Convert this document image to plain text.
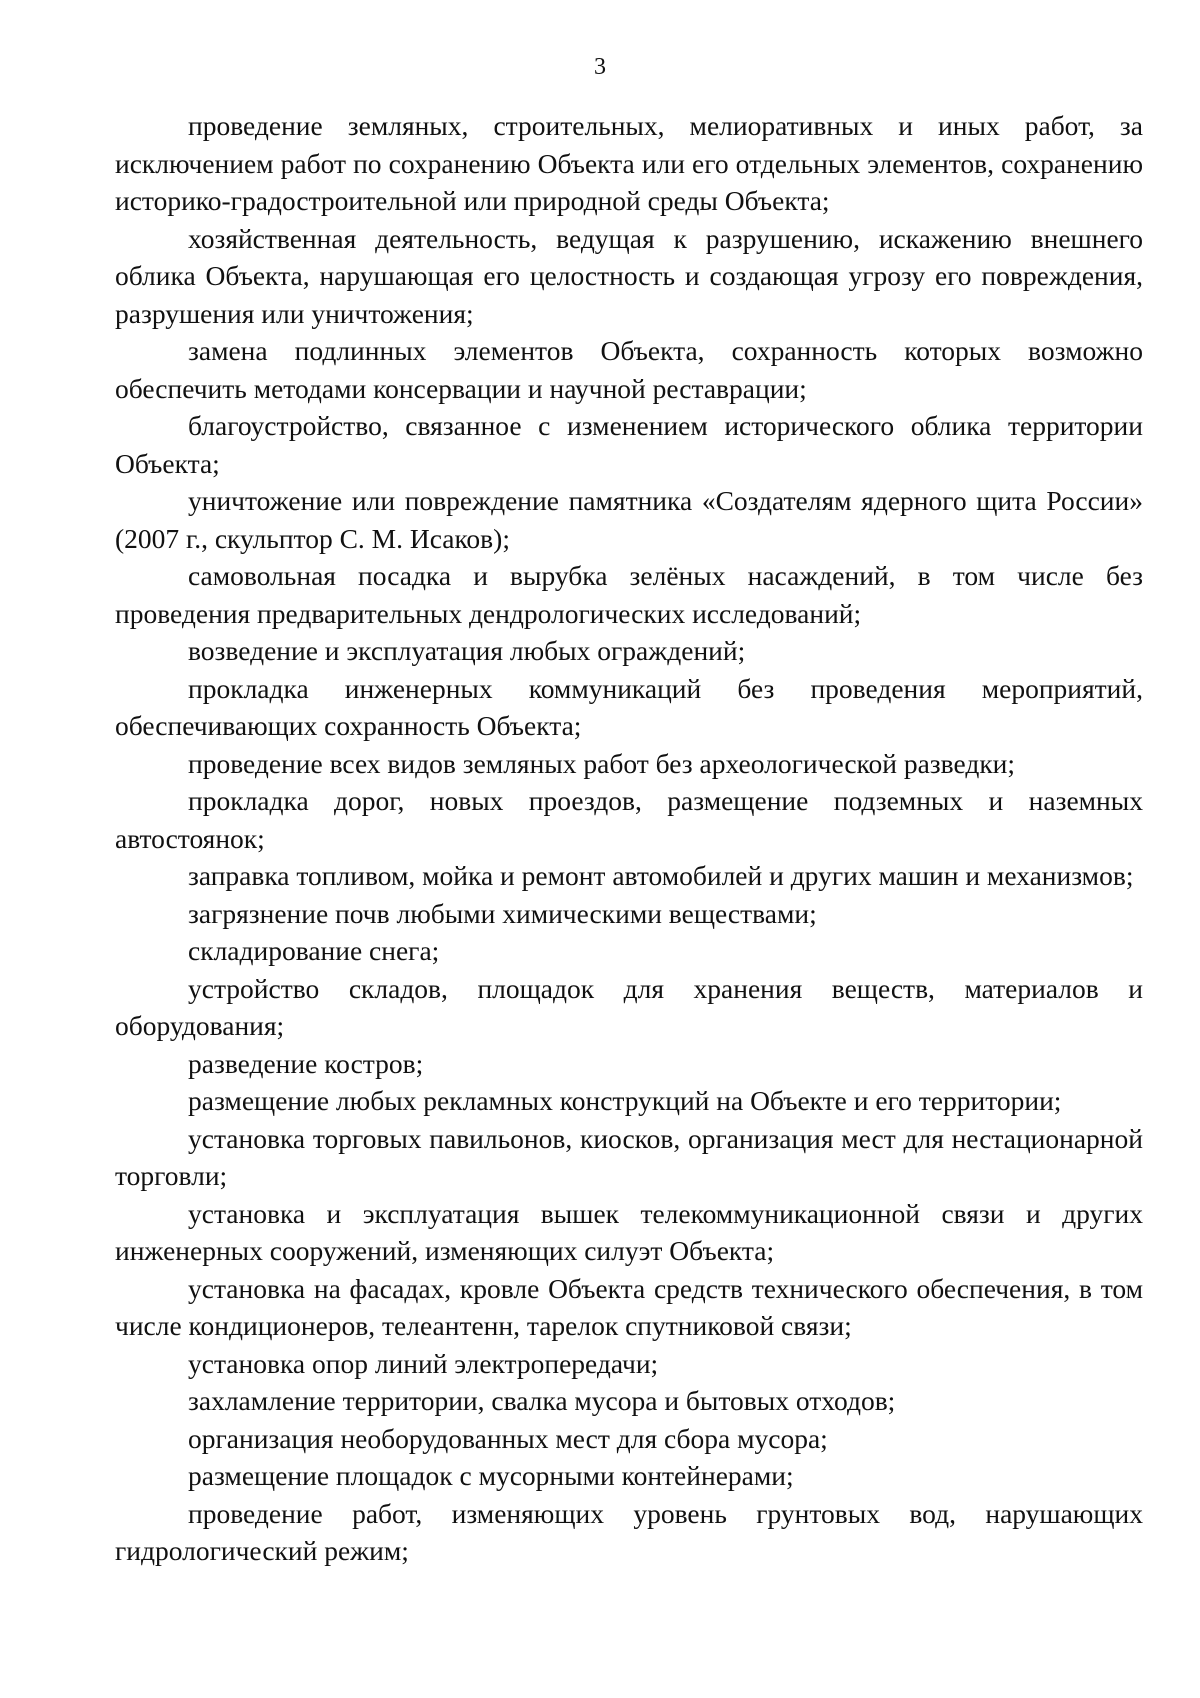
3

проведение земляных, строительных, мелиоративных и иных работ, за исключением работ по сохранению Объекта или его отдельных элементов, сохранению историко-градостроительной или природной среды Объекта;

хозяйственная деятельность, ведущая к разрушению, искажению внешнего облика Объекта, нарушающая его целостность и создающая угрозу его повреждения, разрушения или уничтожения;

замена подлинных элементов Объекта, сохранность которых возможно обеспечить методами консервации и научной реставрации;

благоустройство, связанное с изменением исторического облика территории Объекта;

уничтожение или повреждение памятника «Создателям ядерного щита России» (2007 г., скульптор С. М. Исаков);

самовольная посадка и вырубка зелёных насаждений, в том числе без проведения предварительных дендрологических исследований;

возведение и эксплуатация любых ограждений;

прокладка инженерных коммуникаций без проведения мероприятий, обеспечивающих сохранность Объекта;

проведение всех видов земляных работ без археологической разведки;

прокладка дорог, новых проездов, размещение подземных и наземных автостоянок;

заправка топливом, мойка и ремонт автомобилей и других машин и механизмов;

загрязнение почв любыми химическими веществами;

складирование снега;

устройство складов, площадок для хранения веществ, материалов и оборудования;

разведение костров;

размещение любых рекламных конструкций на Объекте и его территории;

установка торговых павильонов, киосков, организация мест для нестационарной торговли;

установка и эксплуатация вышек телекоммуникационной связи и других инженерных сооружений, изменяющих силуэт Объекта;

установка на фасадах, кровле Объекта средств технического обеспечения, в том числе кондиционеров, телеантенн, тарелок спутниковой связи;

установка опор линий электропередачи;

захламление территории, свалка мусора и бытовых отходов;

организация необорудованных мест для сбора мусора;

размещение площадок с мусорными контейнерами;

проведение работ, изменяющих уровень грунтовых вод, нарушающих гидрологический режим;
